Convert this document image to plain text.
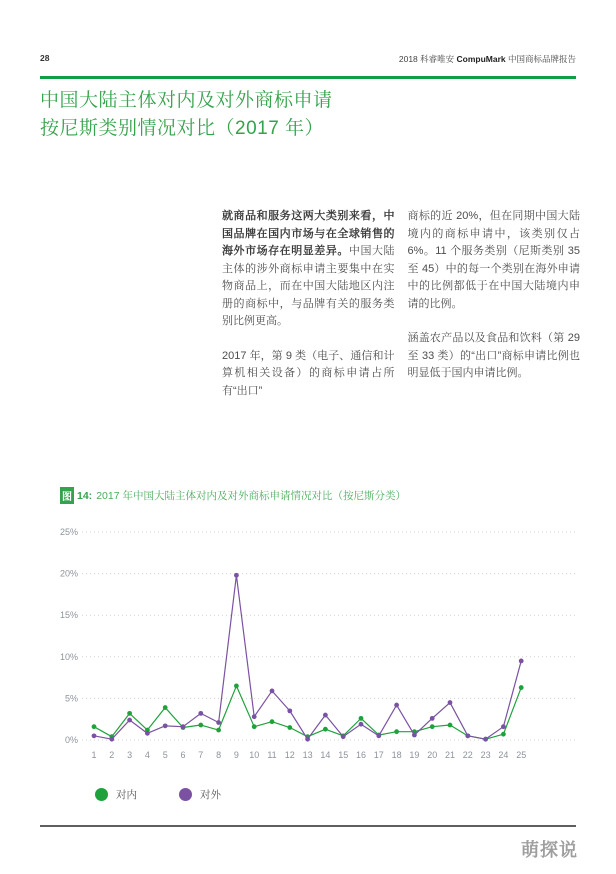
28	2018 科睿唯安 CompuMark 中国商标品牌报告
中国大陆主体对内及对外商标申请
按尼斯类别情况对比（2017 年）

就商品和服务这两大类别来看，中国品牌在国内市场与在全球销售的海外市场存在明显差异。中国大陆主体的涉外商标申请主要集中在实物商品上，而在中国大陆地区内注册的商标中，与品牌有关的服务类别比例更高。

2017 年，第 9 类（电子、通信和计算机相关设备）的商标申请占所有“出口”

商标的近 20%，但在同期中国大陆境内的商标申请中，该类别仅占 6%。11 个服务类别（尼斯类别 35 至 45）中的每一个类别在海外申请中的比例都低于在中国大陆境内申请的比例。

涵盖农产品以及食品和饮料（第 29 至 33 类）的“出口”商标申请比例也明显低于国内申请比例。

图 14: 2017 年中国大陆主体对内及对外商标申请情况对比（按尼斯分类）
0%
5%
10%
15%
20%
25%
1 2 3 4 5 6 7 8 9 10 11 12 13 14 15 16 17 18 19 20 21 22 23 24 25
对内	对外
萌探说
